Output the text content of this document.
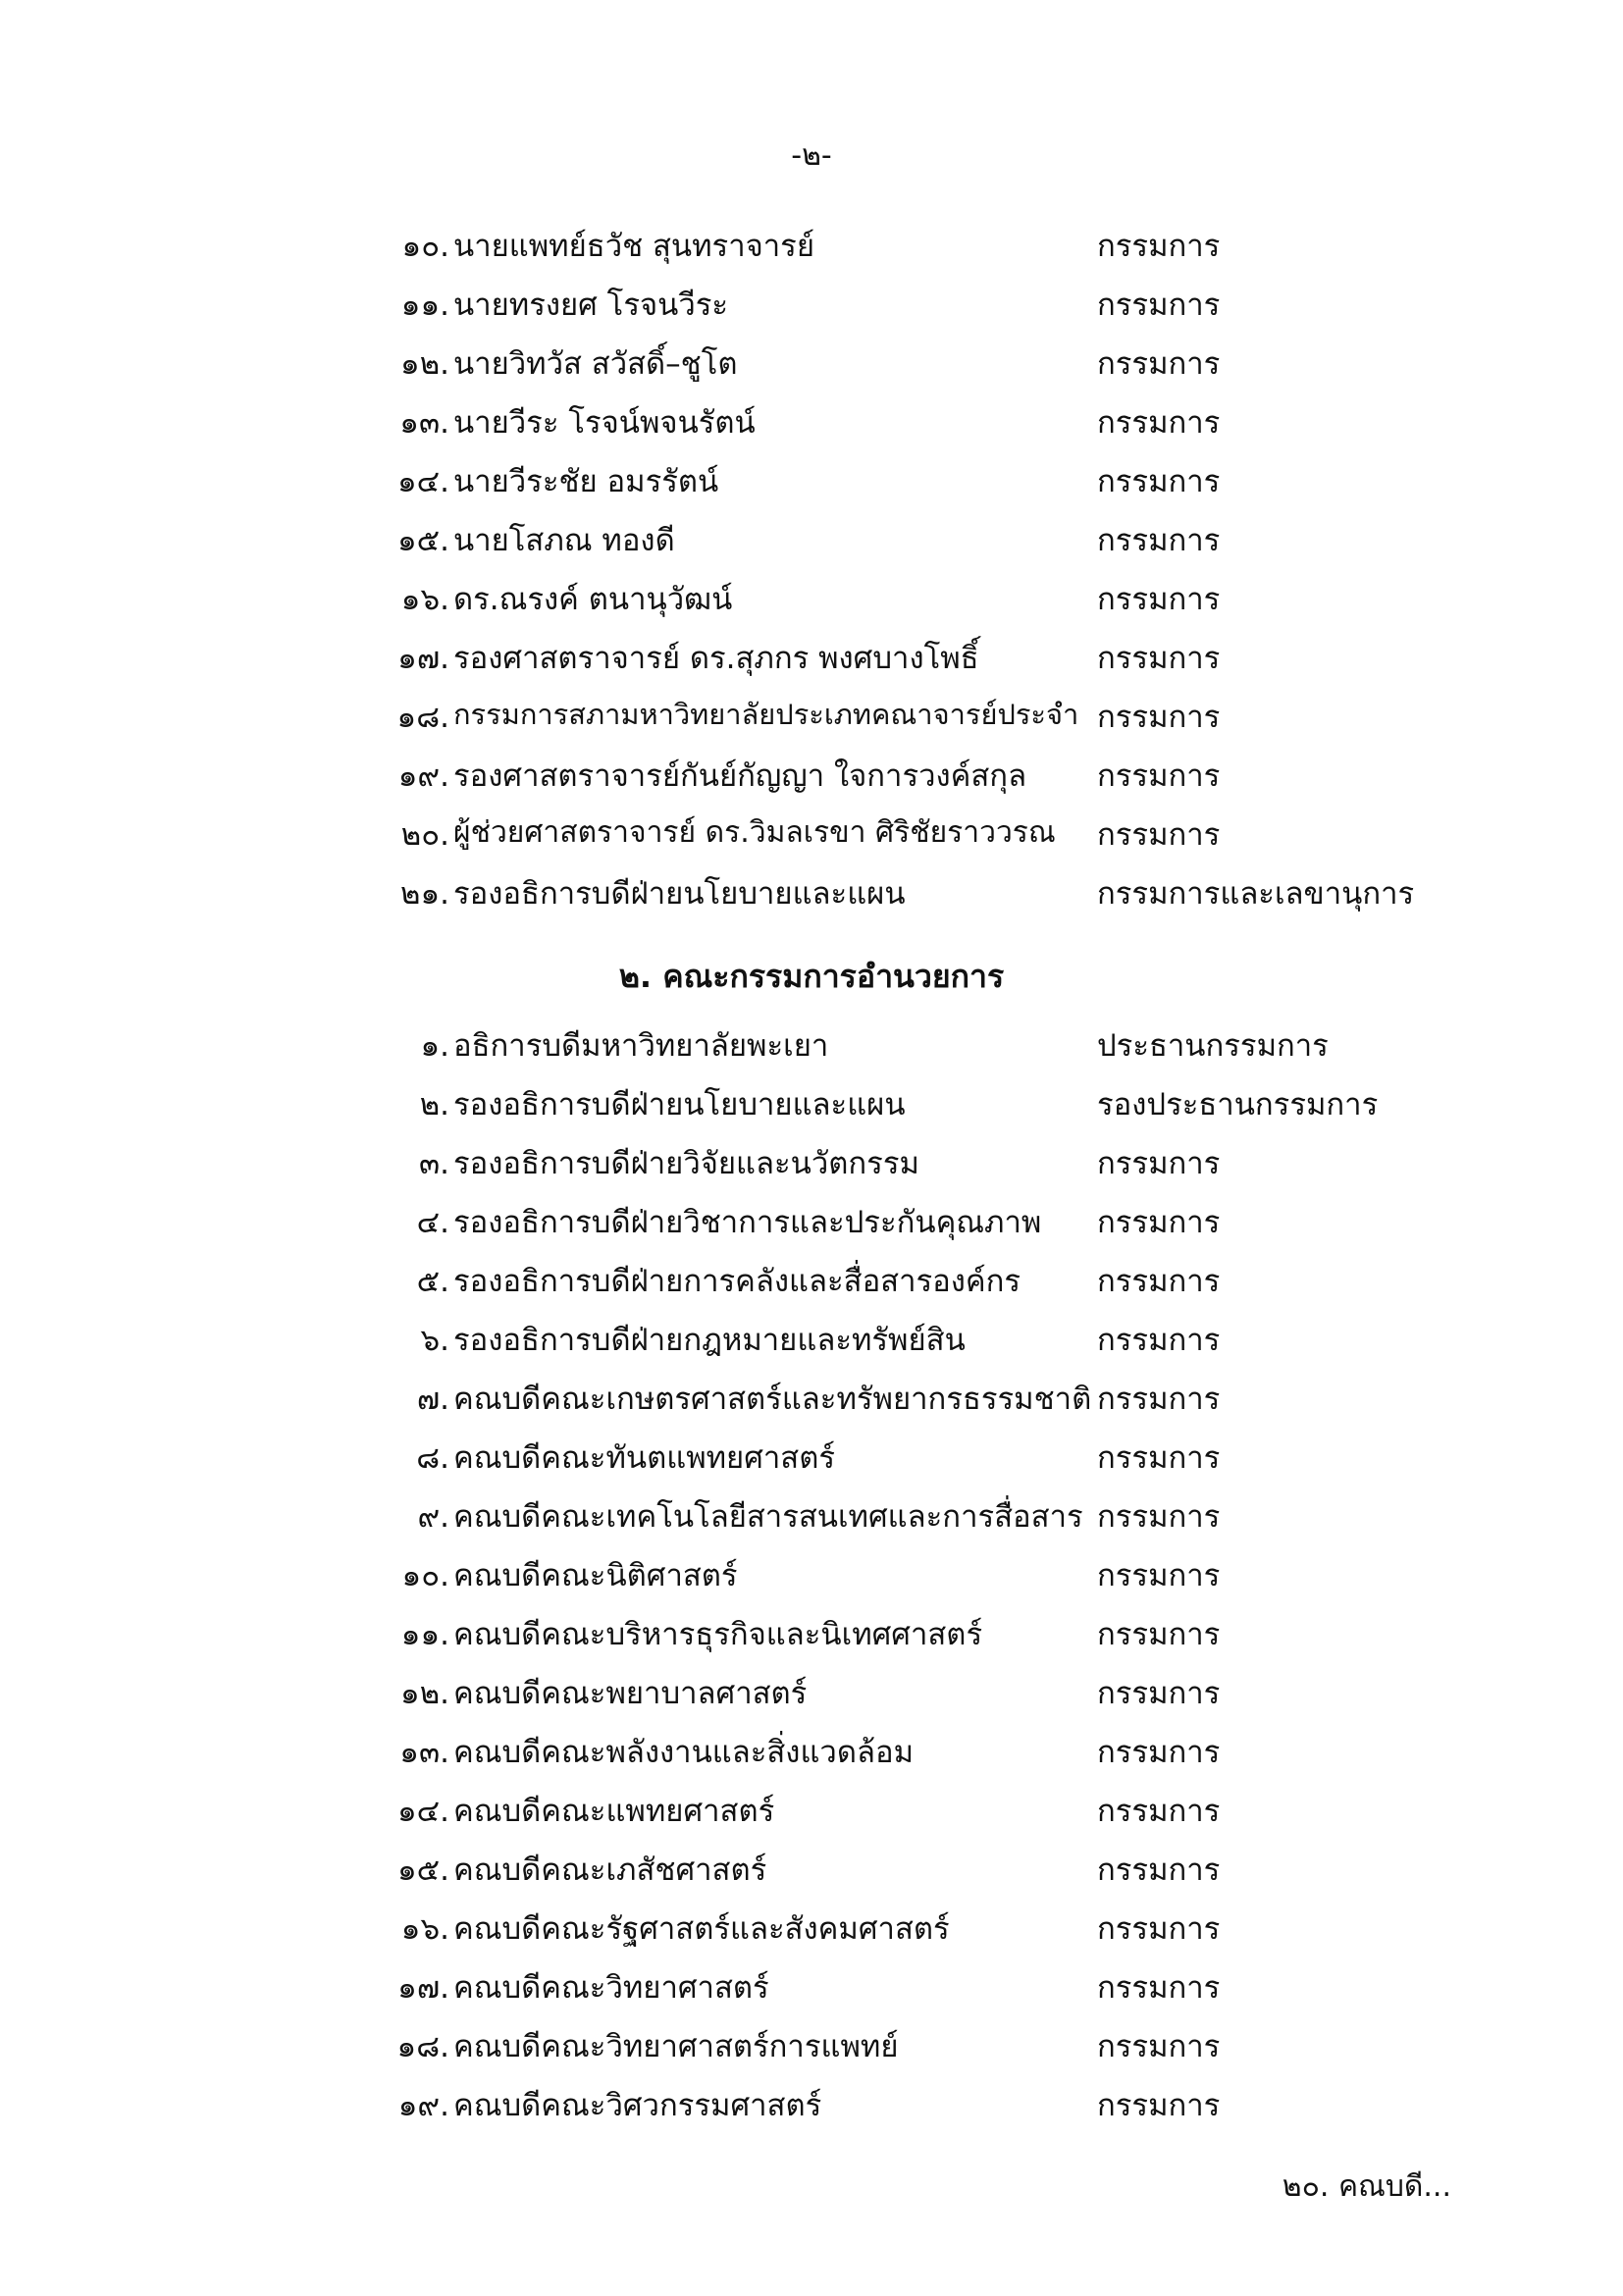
-๒-
๑๐. นายแพทย์ธวัช สุนทราจารย์	กรรมการ
๑๑. นายทรงยศ โรจนวีระ	กรรมการ
๑๒. นายวิทวัส สวัสดิ์–ชูโต	กรรมการ
๑๓. นายวีระ โรจน์พจนรัตน์	กรรมการ
๑๔. นายวีระชัย อมรรัตน์	กรรมการ
๑๕. นายโสภณ ทองดี	กรรมการ
๑๖. ดร.ณรงค์ ตนานุวัฒน์	กรรมการ
๑๗. รองศาสตราจารย์ ดร.สุภกร พงศบางโพธิ์	กรรมการ
๑๘. กรรมการสภามหาวิทยาลัยประเภทคณาจารย์ประจำ กรรมการ
๑๙. รองศาสตราจารย์กันย์กัญญา ใจการวงค์สกุล กรรมการ
๒๐. ผู้ช่วยศาสตราจารย์ ดร.วิมลเรขา ศิริชัยราววรณ กรรมการ
๒๑. รองอธิการบดีฝ่ายนโยบายและแผน	กรรมการและเลขานุการ
๒. คณะกรรมการอำนวยการ
๑. อธิการบดีมหาวิทยาลัยพะเยา	ประธานกรรมการ
๒. รองอธิการบดีฝ่ายนโยบายและแผน	รองประธานกรรมการ
๓. รองอธิการบดีฝ่ายวิจัยและนวัตกรรม	กรรมการ
๔. รองอธิการบดีฝ่ายวิชาการและประกันคุณภาพ กรรมการ
๕. รองอธิการบดีฝ่ายการคลังและสื่อสารองค์กร	กรรมการ
๖. รองอธิการบดีฝ่ายกฎหมายและทรัพย์สิน	กรรมการ
๗. คณบดีคณะเกษตรศาสตร์และทรัพยากรธรรมชาติ กรรมการ
๘. คณบดีคณะทันตแพทยศาสตร์	กรรมการ
๙. คณบดีคณะเทคโนโลยีสารสนเทศและการสื่อสาร กรรมการ
๑๐. คณบดีคณะนิติศาสตร์	กรรมการ
๑๑. คณบดีคณะบริหารธุรกิจและนิเทศศาสตร์	กรรมการ
๑๒. คณบดีคณะพยาบาลศาสตร์	กรรมการ
๑๓. คณบดีคณะพลังงานและสิ่งแวดล้อม	กรรมการ
๑๔. คณบดีคณะแพทยศาสตร์	กรรมการ
๑๕. คณบดีคณะเภสัชศาสตร์	กรรมการ
๑๖. คณบดีคณะรัฐศาสตร์และสังคมศาสตร์	กรรมการ
๑๗. คณบดีคณะวิทยาศาสตร์	กรรมการ
๑๘. คณบดีคณะวิทยาศาสตร์การแพทย์	กรรมการ
๑๙. คณบดีคณะวิศวกรรมศาสตร์	กรรมการ
๒๐. คณบดี...
